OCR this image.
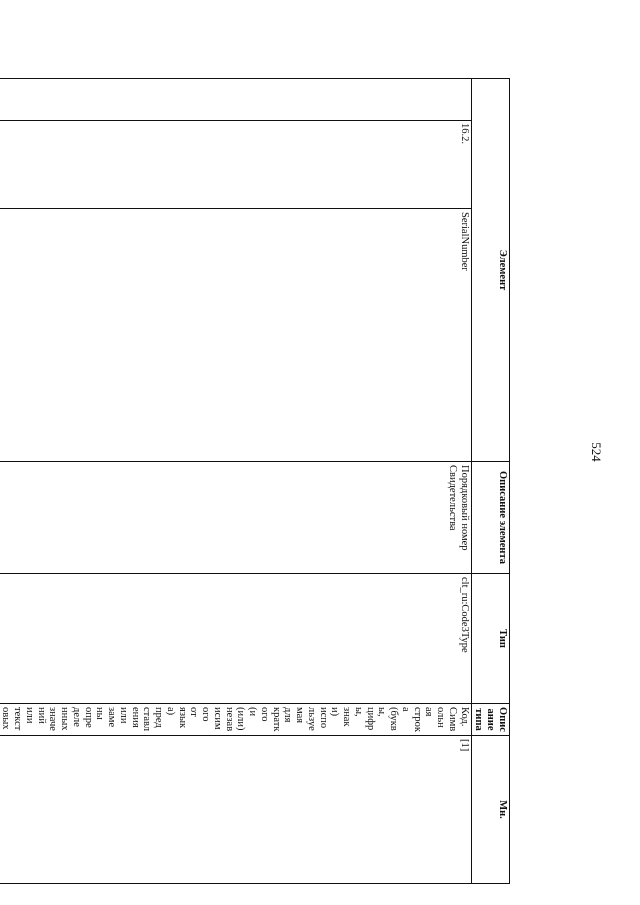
524
Элемент			Описание элемента	Тип	Описание типа	Мн.
	16.2.	SerialNumber	Порядковый номер Свидетельства	clt_ru:Code3Type	Код. Символьная строка (буквы, цифры, знаки) используемая для краткого (и (или) независимого от языка) представления или замены определенных значений или текстовых	[1]
